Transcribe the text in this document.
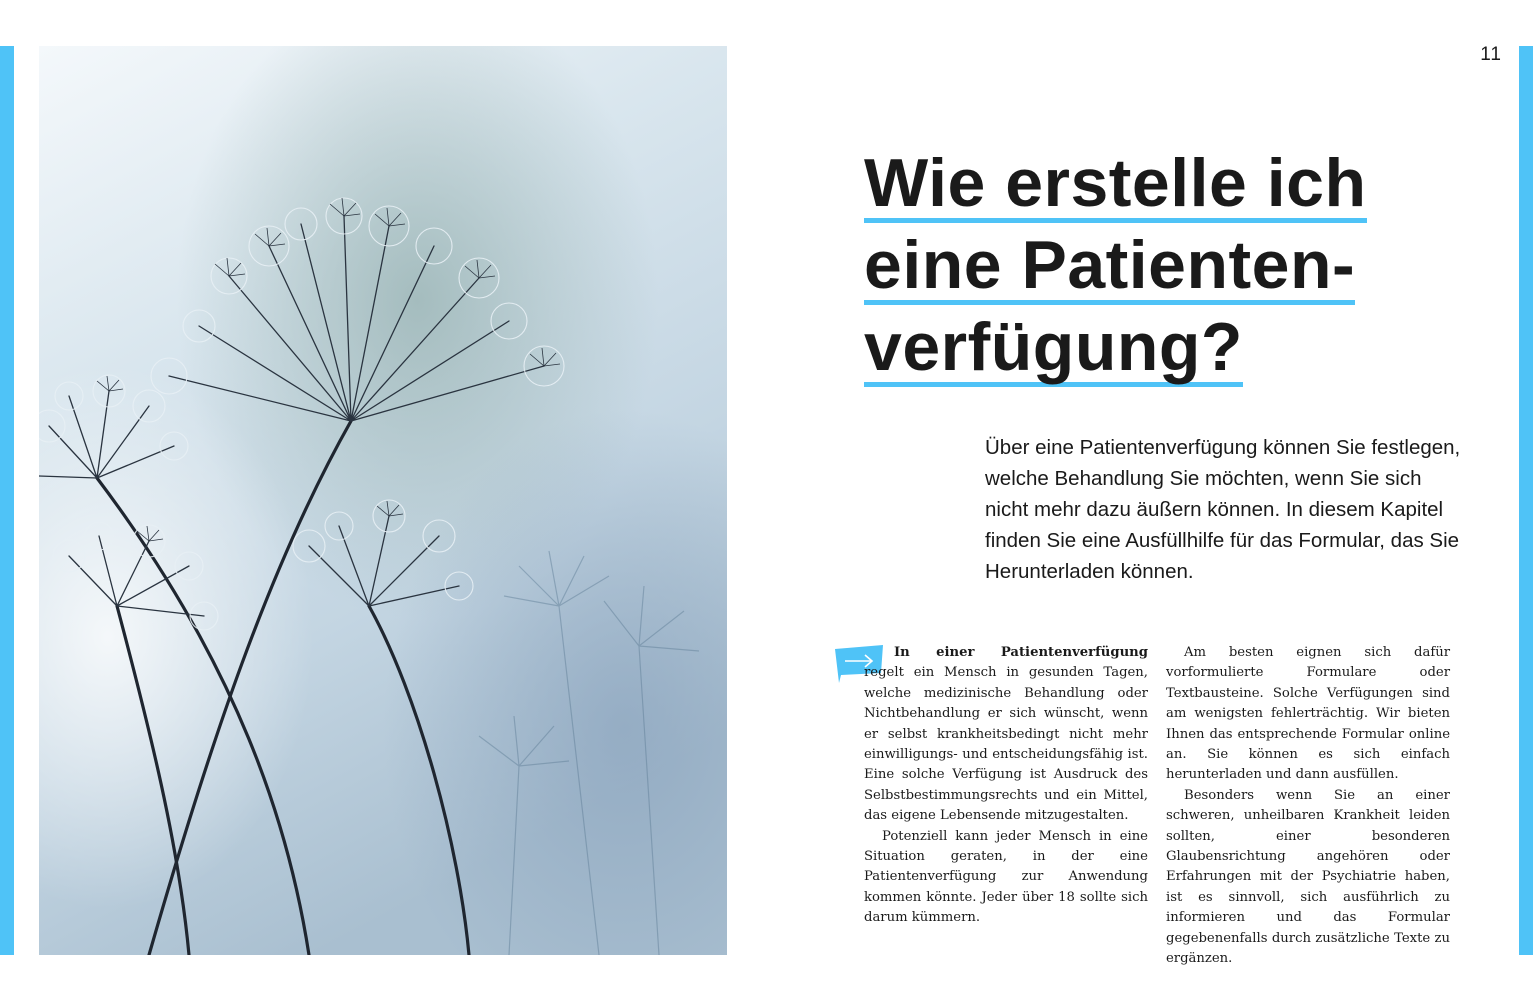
11
Wie erstelle ich
eine Patienten-
verfügung?

Über eine Patientenverfügung können Sie festlegen, welche Behandlung Sie möchten, wenn Sie sich nicht mehr dazu äußern können. In diesem Kapitel finden Sie eine Ausfüllhilfe für das Formular, das Sie Herunterladen können.

In einer Patientenverfügung regelt ein Mensch in gesunden Tagen, welche medizinische Behandlung oder Nichtbehandlung er sich wünscht, wenn er selbst krankheitsbedingt nicht mehr einwilligungs- und entscheidungsfähig ist. Eine solche Verfügung ist Ausdruck des Selbstbestimmungsrechts und ein Mittel, das eigene Lebensende mitzugestalten.

Potenziell kann jeder Mensch in eine Situation geraten, in der eine Patientenverfügung zur Anwendung kommen könnte. Jeder über 18 sollte sich darum kümmern.

Am besten eignen sich dafür vorformulierte Formulare oder Textbausteine. Solche Verfügungen sind am wenigsten fehlerträchtig. Wir bieten Ihnen das entsprechende Formular online an. Sie können es sich einfach herunterladen und dann ausfüllen.

Besonders wenn Sie an einer schweren, unheilbaren Krankheit leiden sollten, einer besonderen Glaubensrichtung angehören oder Erfahrungen mit der Psychiatrie haben, ist es sinnvoll, sich ausführlich zu informieren und das Formular gegebenenfalls durch zusätzliche Texte zu ergänzen.
